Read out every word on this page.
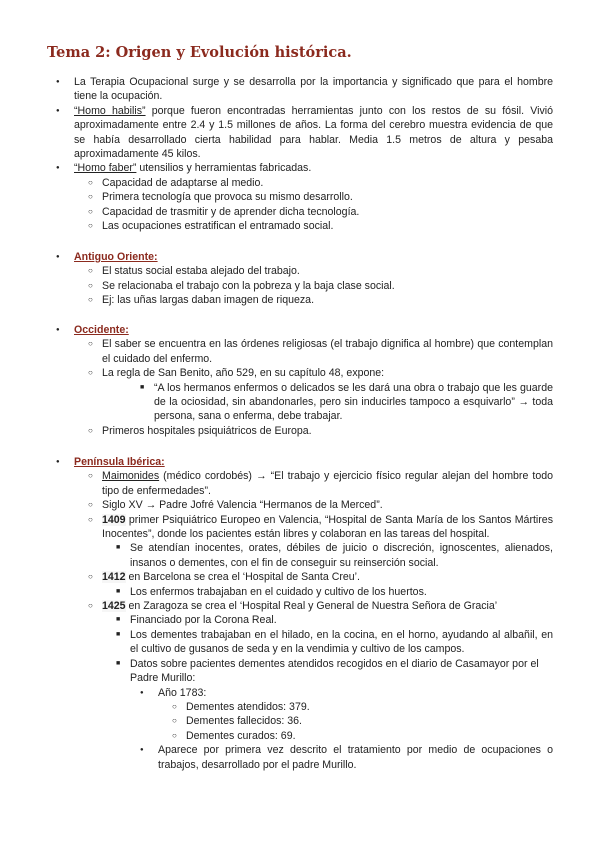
Tema 2: Origen y Evolución histórica.
● La Terapia Ocupacional surge y se desarrolla por la importancia y significado que para el hombre tiene la ocupación.
● “Homo habilis” porque fueron encontradas herramientas junto con los restos de su fósil. Vivió aproximadamente entre 2.4 y 1.5 millones de años. La forma del cerebro muestra evidencia de que se había desarrollado cierta habilidad para hablar. Media 1.5 metros de altura y pesaba aproximadamente 45 kilos.
● “Homo faber” utensilios y herramientas fabricadas.
○ Capacidad de adaptarse al medio.
○ Primera tecnología que provoca su mismo desarrollo.
○ Capacidad de trasmitir y de aprender dicha tecnología.
○ Las ocupaciones estratifican el entramado social.
● Antiguo Oriente:
○ El status social estaba alejado del trabajo.
○ Se relacionaba el trabajo con la pobreza y la baja clase social.
○ Ej: las uñas largas daban imagen de riqueza.
● Occidente:
○ El saber se encuentra en las órdenes religiosas (el trabajo dignifica al hombre) que contemplan el cuidado del enfermo.
○ La regla de San Benito, año 529, en su capítulo 48, expone:
■ “A los hermanos enfermos o delicados se les dará una obra o trabajo que les guarde de la ociosidad, sin abandonarles, pero sin inducirles tampoco a esquivarlo” → toda persona, sana o enferma, debe trabajar.
○ Primeros hospitales psiquiátricos de Europa.
● Península Ibérica:
○ Maimonides (médico cordobés) → “El trabajo y ejercicio físico regular alejan del hombre todo tipo de enfermedades”.
○ Siglo XV → Padre Jofré Valencia “Hermanos de la Merced”.
○ 1409 primer Psiquiátrico Europeo en Valencia, “Hospital de Santa María de los Santos Mártires Inocentes”, donde los pacientes están libres y colaboran en las tareas del hospital.
■ Se atendían inocentes, orates, débiles de juicio o discreción, ignoscentes, alienados, insanos o dementes, con el fin de conseguir su reinserción social.
○ 1412 en Barcelona se crea el ‘Hospital de Santa Creu’.
■ Los enfermos trabajaban en el cuidado y cultivo de los huertos.
○ 1425 en Zaragoza se crea el ‘Hospital Real y General de Nuestra Señora de Gracia’
■ Financiado por la Corona Real.
■ Los dementes trabajaban en el hilado, en la cocina, en el horno, ayudando al albañil, en el cultivo de gusanos de seda y en la vendimia y cultivo de los campos.
■ Datos sobre pacientes dementes atendidos recogidos en el diario de Casamayor por el Padre Murillo:
● Año 1783:
○ Dementes atendidos: 379.
○ Dementes fallecidos: 36.
○ Dementes curados: 69.
● Aparece por primera vez descrito el tratamiento por medio de ocupaciones o trabajos, desarrollado por el padre Murillo.
